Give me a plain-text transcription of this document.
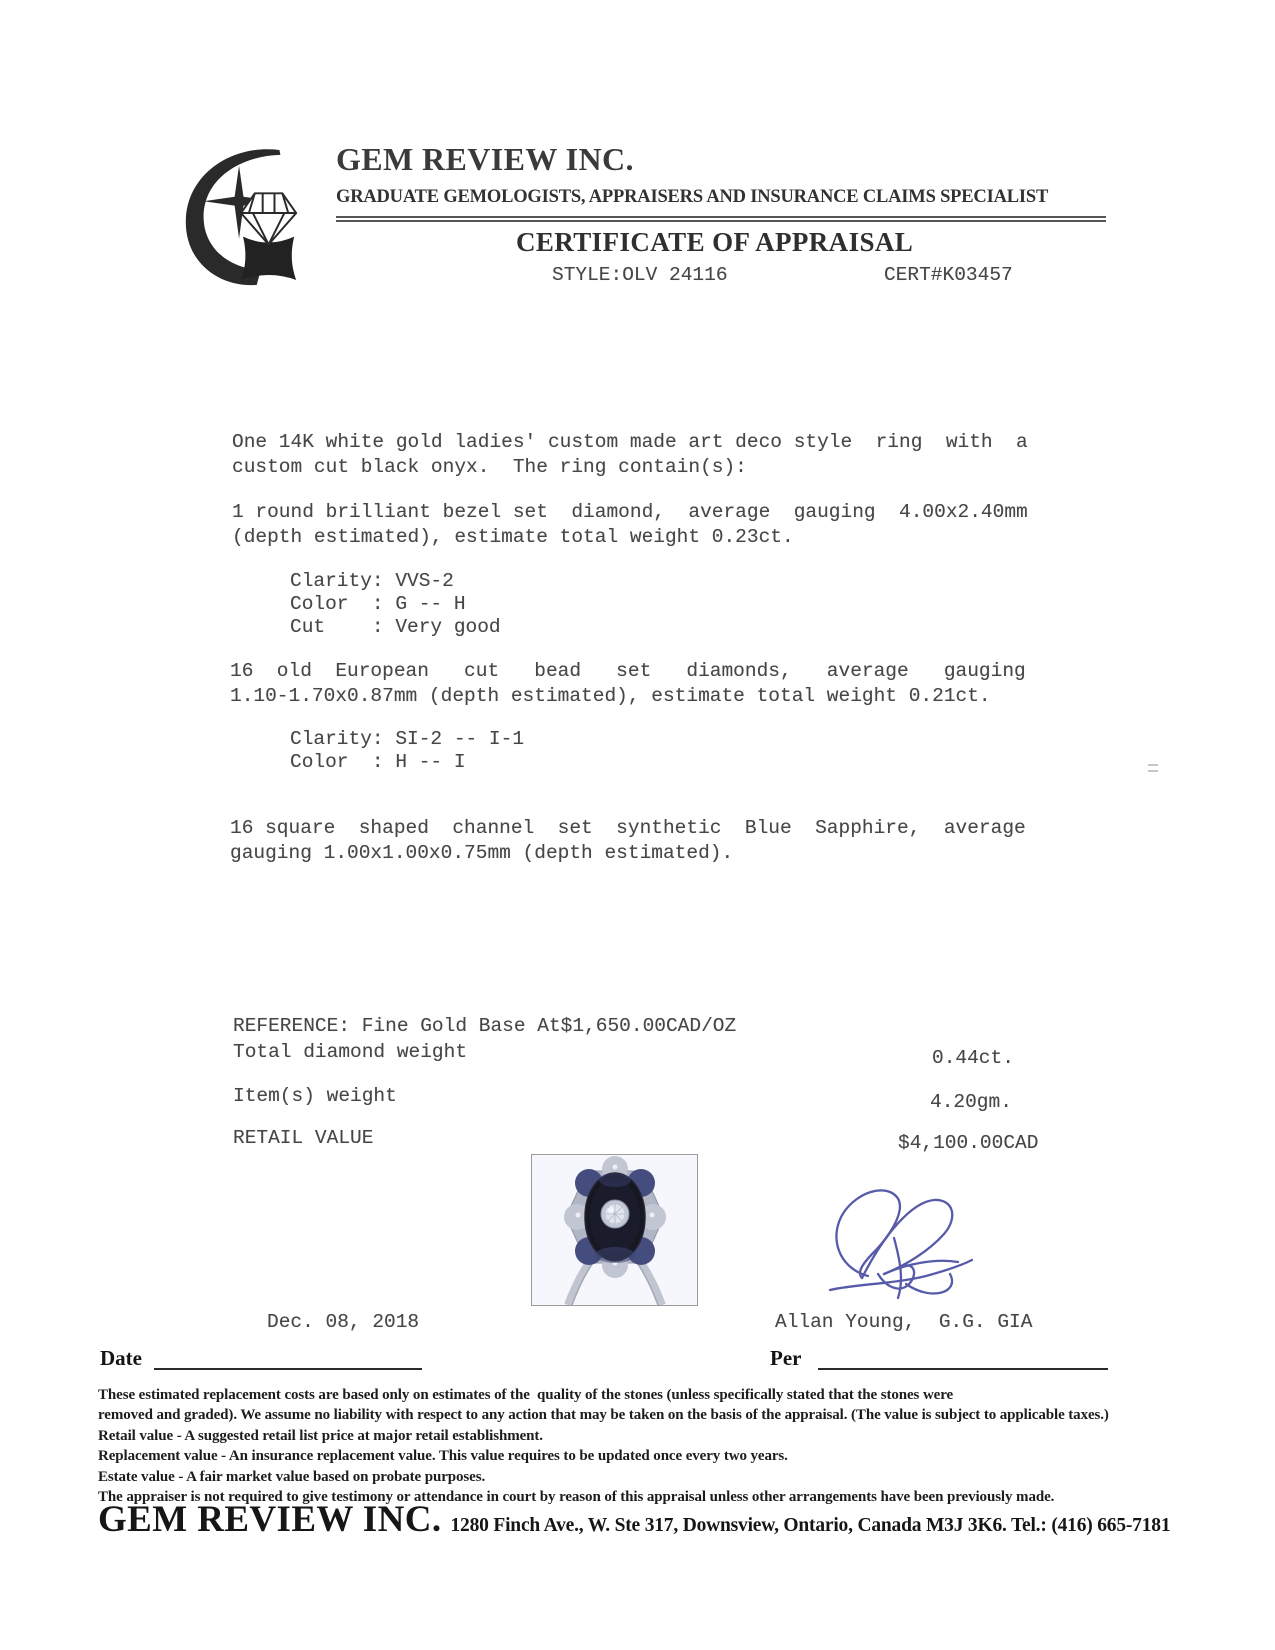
GEM REVIEW INC.
GRADUATE GEMOLOGISTS, APPRAISERS AND INSURANCE CLAIMS SPECIALIST
CERTIFICATE OF APPRAISAL
STYLE:OLV 24116	CERT#K03457
One 14K white gold ladies' custom made art deco style  ring  with  a
custom cut black onyx.  The ring contain(s):
1 round brilliant bezel set  diamond,  average  gauging  4.00x2.40mm
(depth estimated), estimate total weight 0.23ct.
Clarity: VVS-2
Color  : G -- H
Cut    : Very good
16  old  European   cut   bead   set   diamonds,   average   gauging
1.10-1.70x0.87mm (depth estimated), estimate total weight 0.21ct.
Clarity: SI-2 -- I-1
Color  : H -- I
16 square  shaped  channel  set  synthetic  Blue  Sapphire,  average
gauging 1.00x1.00x0.75mm (depth estimated).
REFERENCE: Fine Gold Base At$1,650.00CAD/OZ
Total diamond weight	0.44ct.
Item(s) weight	4.20gm.
RETAIL VALUE	$4,100.00CAD
Dec. 08, 2018	Allan Young,  G.G. GIA
Date	Per
These estimated replacement costs are based only on estimates of the  quality of the stones (unless specifically stated that the stones were
removed and graded). We assume no liability with respect to any action that may be taken on the basis of the appraisal. (The value is subject to applicable taxes.)
Retail value - A suggested retail list price at major retail establishment.
Replacement value - An insurance replacement value. This value requires to be updated once every two years.
Estate value - A fair market value based on probate purposes.
The appraiser is not required to give testimony or attendance in court by reason of this appraisal unless other arrangements have been previously made.
GEM REVIEW INC. 1280 Finch Ave., W. Ste 317, Downsview, Ontario, Canada M3J 3K6. Tel.: (416) 665-7181
